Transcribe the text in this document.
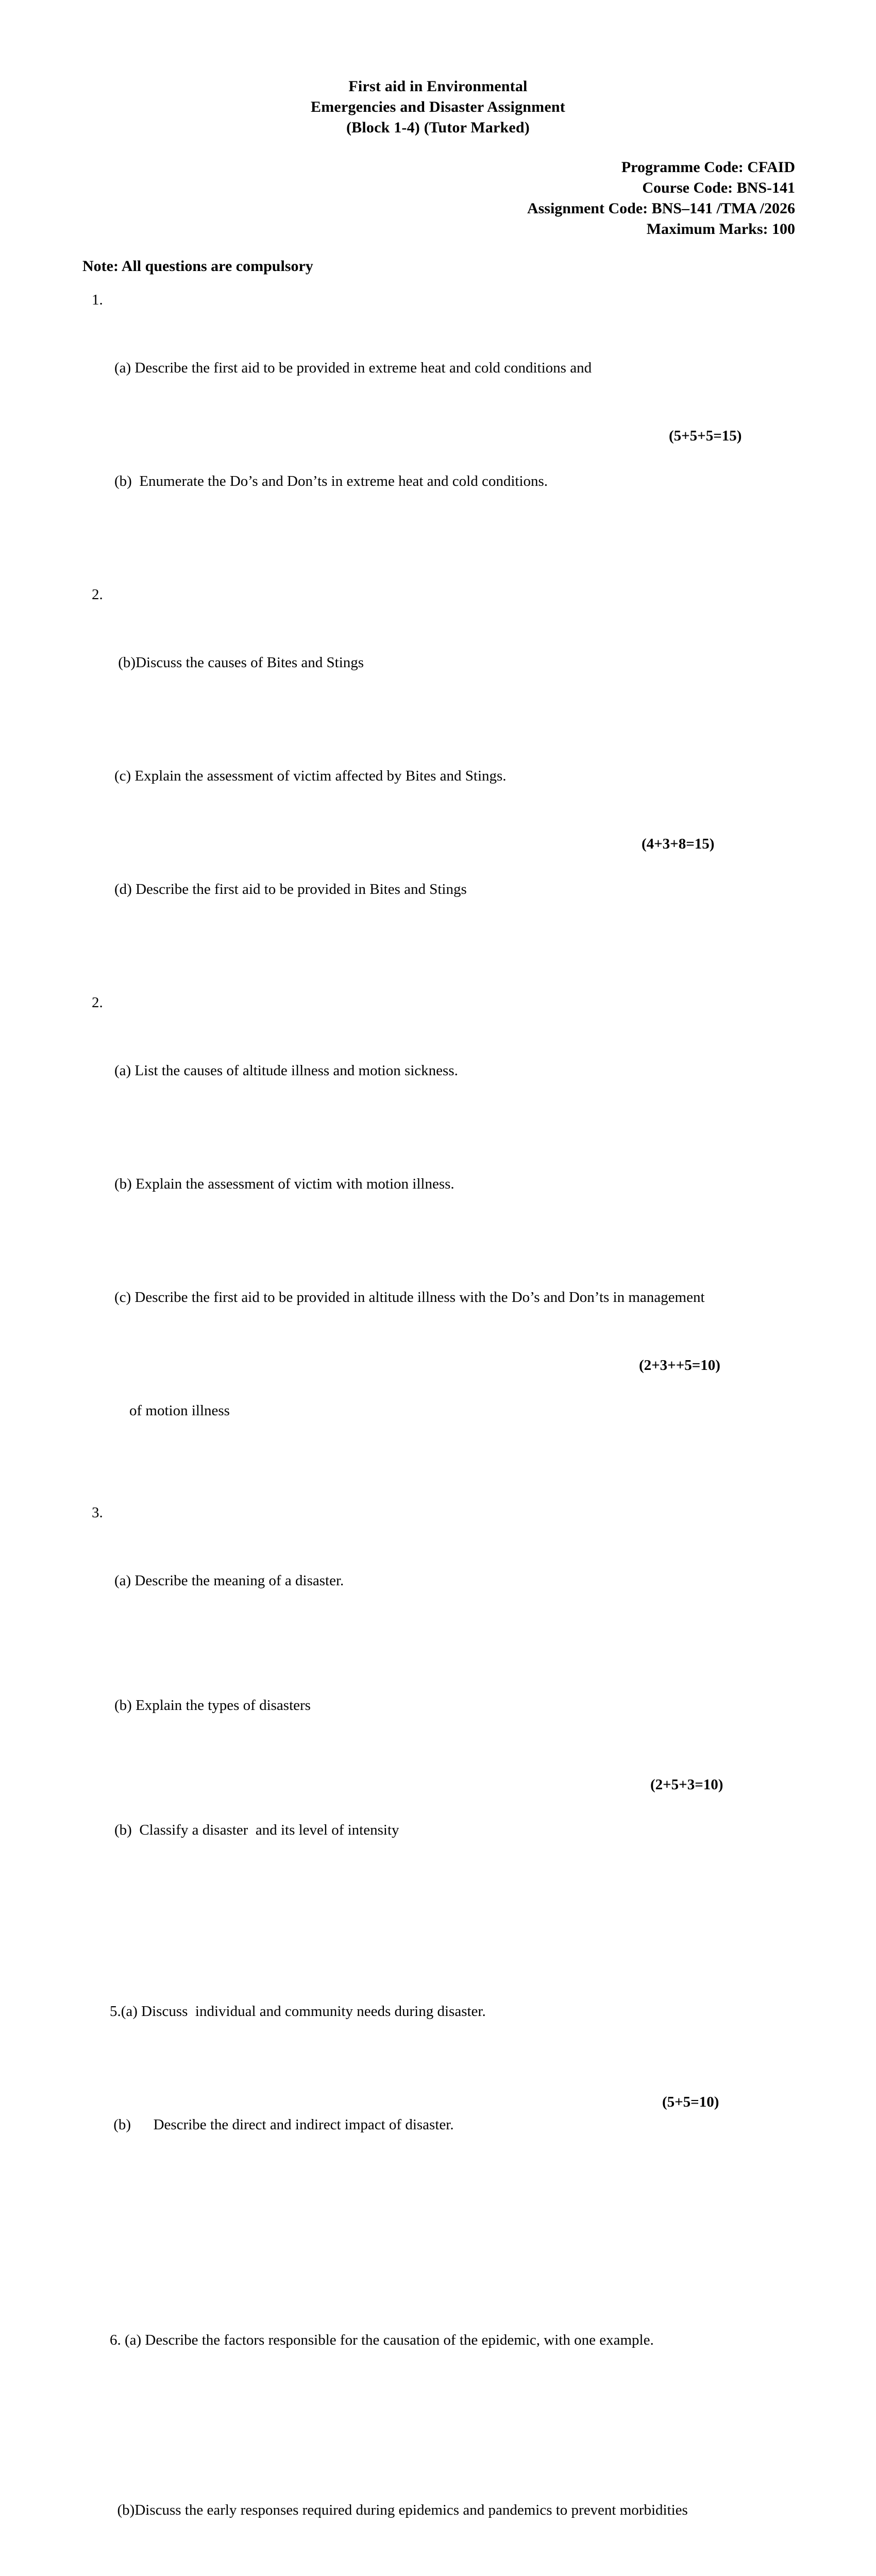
First aid in Environmental
Emergencies and Disaster Assignment
(Block 1-4) (Tutor Marked)
Programme Code: CFAID
Course Code: BNS-141
Assignment Code: BNS–141 /TMA /2026
Maximum Marks: 100
Note: All questions are compulsory

1.

(a) Describe the first aid to be provided in extreme heat and cold conditions and

(b)  Enumerate the Do’s and Don’ts in extreme heat and cold conditions.

(5+5+5=15)

2.

(b)Discuss the causes of Bites and Stings

(c) Explain the assessment of victim affected by Bites and Stings.

(d) Describe the first aid to be provided in Bites and Stings

(4+3+8=15)

2.

(a) List the causes of altitude illness and motion sickness.

(b) Explain the assessment of victim with motion illness.

(c) Describe the first aid to be provided in altitude illness with the Do’s and Don’ts in management

of motion illness

(2+3++5=10)

3.

(a) Describe the meaning of a disaster.

(b) Explain the types of disasters

(b)  Classify a disaster  and its level of intensity

(2+5+3=10)

5.(a) Discuss  individual and community needs during disaster.

(b)      Describe the direct and indirect impact of disaster.

(5+5=10)

6. (a) Describe the factors responsible for the causation of the epidemic, with one example.

(b)Discuss the early responses required during epidemics and pandemics to prevent morbidities
